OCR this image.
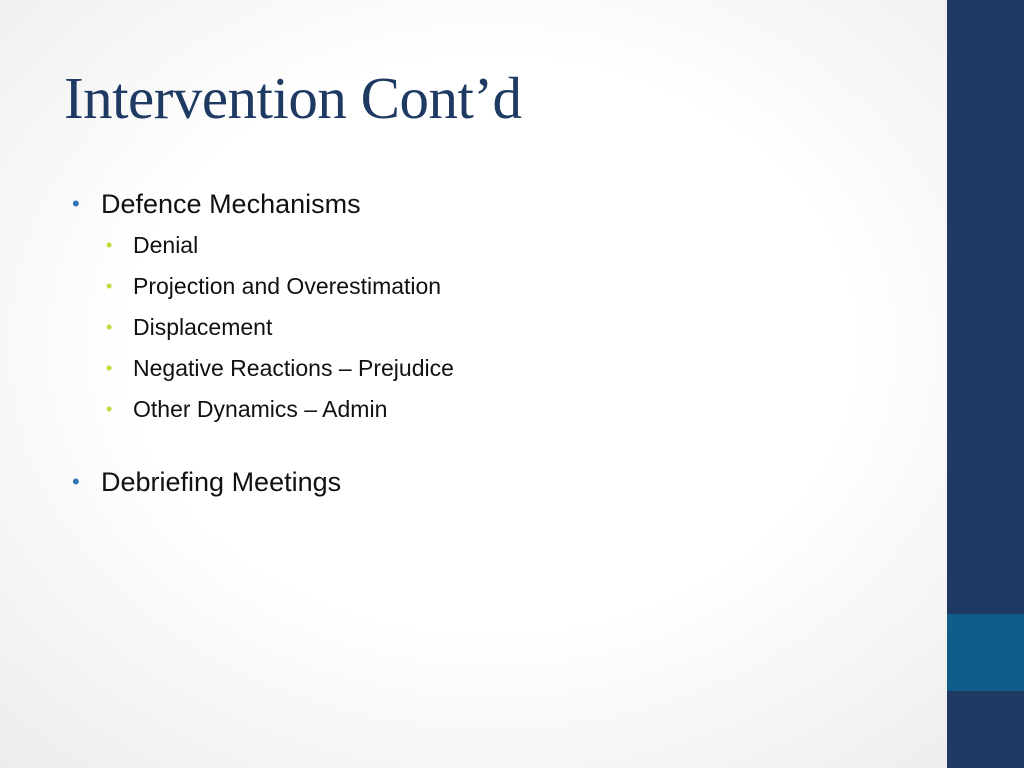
Intervention Cont’d
• Defence Mechanisms
• Denial
• Projection and Overestimation
• Displacement
• Negative Reactions – Prejudice
• Other Dynamics – Admin
• Debriefing Meetings
